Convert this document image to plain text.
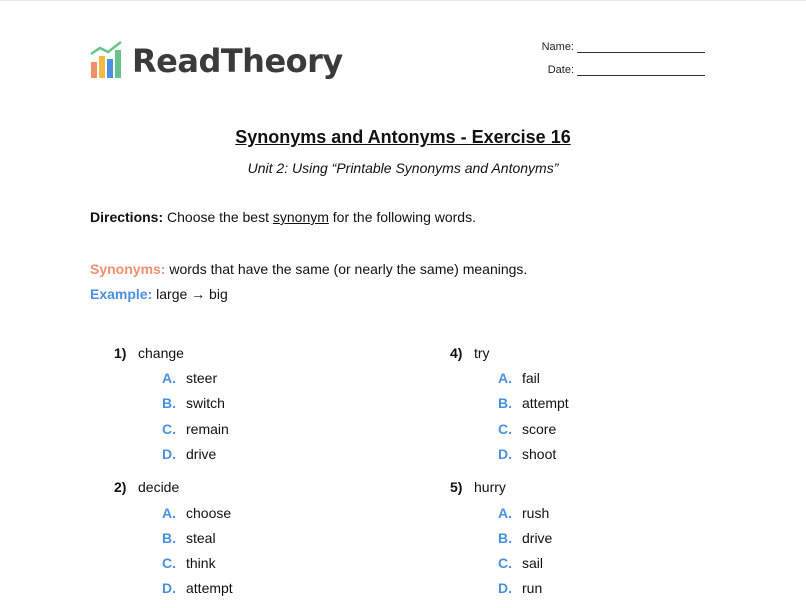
ReadTheory	Name:
Date:
Synonyms and Antonyms - Exercise 16
Unit 2: Using “Printable Synonyms and Antonyms”
Directions: Choose the best synonym for the following words.
Synonyms: words that have the same (or nearly the same) meanings.
Example: large → big
1) change
A. steer
B. switch
C. remain
D. drive
2) decide
A. choose
B. steal
C. think
D. attempt
4) try
A. fail
B. attempt
C. score
D. shoot
5) hurry
A. rush
B. drive
C. sail
D. run
